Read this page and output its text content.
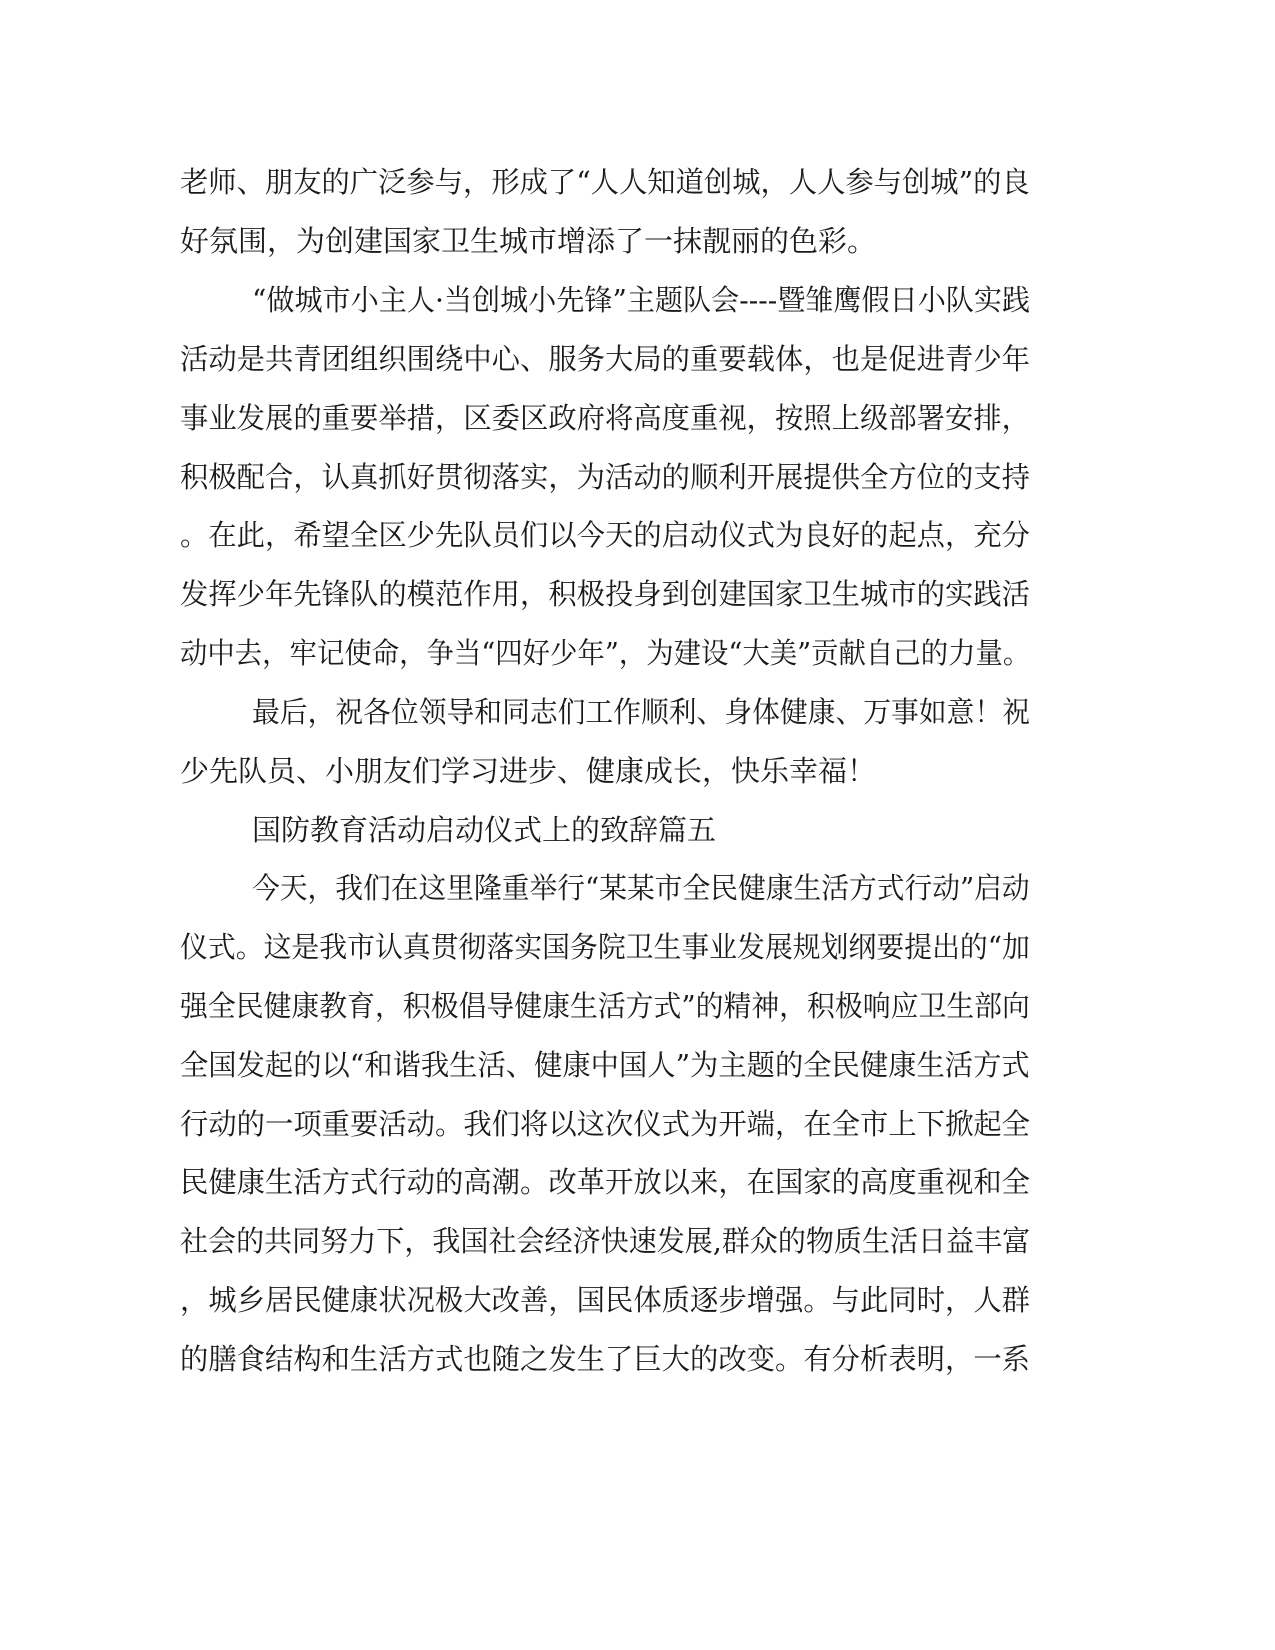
老师、朋友的广泛参与，形成了“人人知道创城，人人参与创城”的良
好氛围，为创建国家卫生城市增添了一抹靓丽的色彩。
“做城市小主人·当创城小先锋”主题队会----暨雏鹰假日小队实践
活动是共青团组织围绕中心、服务大局的重要载体，也是促进青少年
事业发展的重要举措，区委区政府将高度重视，按照上级部署安排，
积极配合，认真抓好贯彻落实，为活动的顺利开展提供全方位的支持
。在此，希望全区少先队员们以今天的启动仪式为良好的起点，充分
发挥少年先锋队的模范作用，积极投身到创建国家卫生城市的实践活
动中去，牢记使命，争当“四好少年”，为建设“大美”贡献自己的力量。
最后，祝各位领导和同志们工作顺利、身体健康、万事如意！祝
少先队员、小朋友们学习进步、健康成长，快乐幸福！
国防教育活动启动仪式上的致辞篇五
今天，我们在这里隆重举行“某某市全民健康生活方式行动”启动
仪式。这是我市认真贯彻落实国务院卫生事业发展规划纲要提出的“加
强全民健康教育，积极倡导健康生活方式”的精神，积极响应卫生部向
全国发起的以“和谐我生活、健康中国人”为主题的全民健康生活方式
行动的一项重要活动。我们将以这次仪式为开端，在全市上下掀起全
民健康生活方式行动的高潮。改革开放以来，在国家的高度重视和全
社会的共同努力下，我国社会经济快速发展,群众的物质生活日益丰富
，城乡居民健康状况极大改善，国民体质逐步增强。与此同时，人群
的膳食结构和生活方式也随之发生了巨大的改变。有分析表明，一系
